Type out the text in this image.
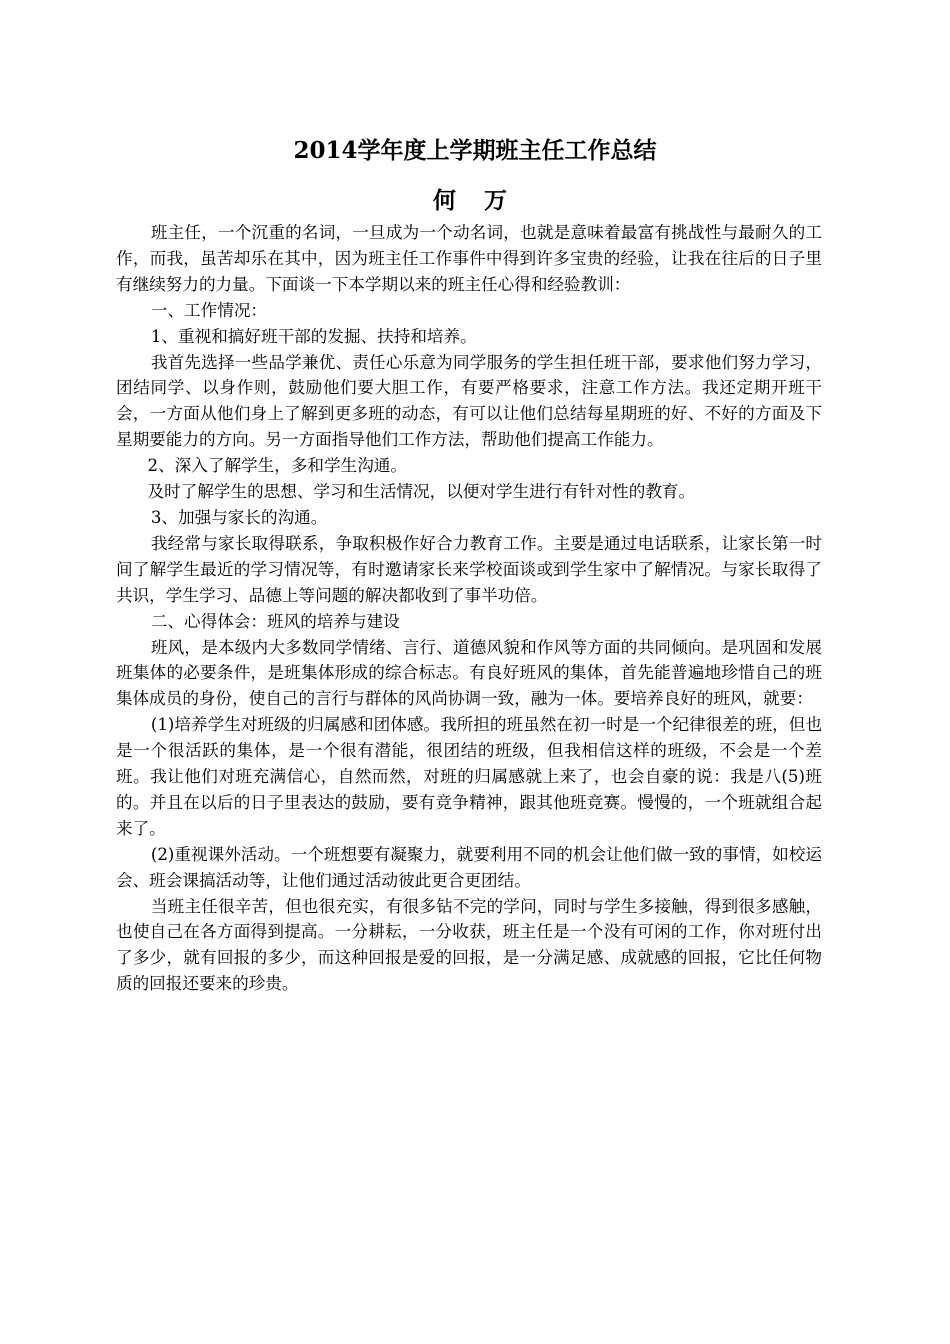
2014学年度上学期班主任工作总结
何 万

班主任，一个沉重的名词，一旦成为一个动名词，也就是意味着最富有挑战性与最耐久的工作，而我，虽苦却乐在其中，因为班主任工作事件中得到许多宝贵的经验，让我在往后的日子里有继续努力的力量。下面谈一下本学期以来的班主任心得和经验教训：

一、工作情况：

1、重视和搞好班干部的发掘、扶持和培养。

我首先选择一些品学兼优、责任心乐意为同学服务的学生担任班干部，要求他们努力学习，团结同学、以身作则，鼓励他们要大胆工作，有要严格要求，注意工作方法。我还定期开班干会，一方面从他们身上了解到更多班的动态，有可以让他们总结每星期班的好、不好的方面及下星期要能力的方向。另一方面指导他们工作方法，帮助他们提高工作能力。

2、深入了解学生，多和学生沟通。

及时了解学生的思想、学习和生活情况，以便对学生进行有针对性的教育。

3、加强与家长的沟通。

我经常与家长取得联系，争取积极作好合力教育工作。主要是通过电话联系，让家长第一时间了解学生最近的学习情况等，有时邀请家长来学校面谈或到学生家中了解情况。与家长取得了共识，学生学习、品德上等问题的解决都收到了事半功倍。

二、心得体会：班风的培养与建设

班风，是本级内大多数同学情绪、言行、道德风貌和作风等方面的共同倾向。是巩固和发展班集体的必要条件，是班集体形成的综合标志。有良好班风的集体，首先能普遍地珍惜自己的班集体成员的身份，使自己的言行与群体的风尚协调一致，融为一体。要培养良好的班风，就要：

(1)培养学生对班级的归属感和团体感。我所担的班虽然在初一时是一个纪律很差的班，但也是一个很活跃的集体，是一个很有潜能，很团结的班级，但我相信这样的班级，不会是一个差班。我让他们对班充满信心，自然而然，对班的归属感就上来了，也会自豪的说：我是八(5)班的。并且在以后的日子里表达的鼓励，要有竞争精神，跟其他班竞赛。慢慢的，一个班就组合起来了。

(2)重视课外活动。一个班想要有凝聚力，就要利用不同的机会让他们做一致的事情，如校运会、班会课搞活动等，让他们通过活动彼此更合更团结。

当班主任很辛苦，但也很充实，有很多钻不完的学问，同时与学生多接触，得到很多感触，也使自己在各方面得到提高。一分耕耘，一分收获，班主任是一个没有可闲的工作，你对班付出了多少，就有回报的多少，而这种回报是爱的回报，是一分满足感、成就感的回报，它比任何物质的回报还要来的珍贵。
